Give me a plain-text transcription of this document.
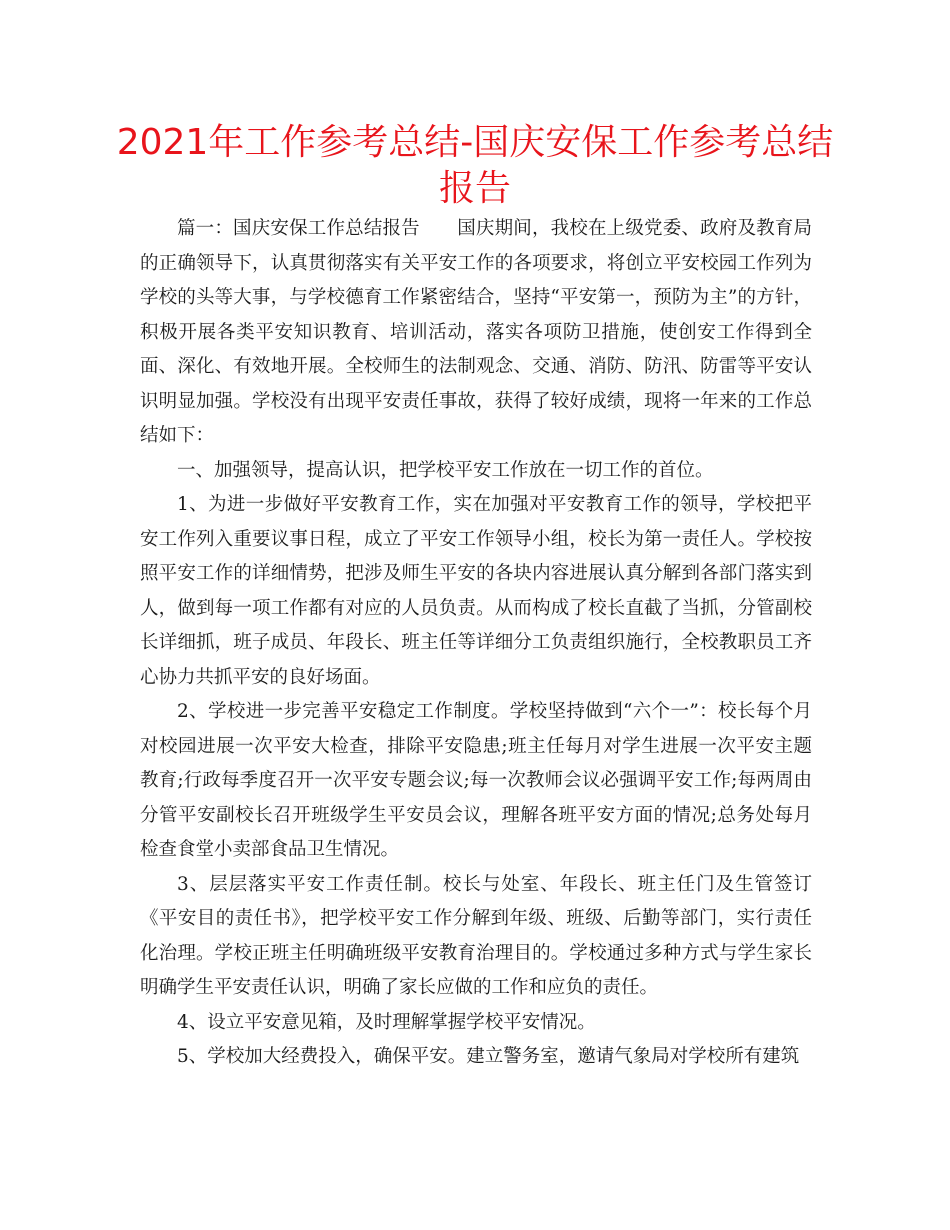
2021年工作参考总结-国庆安保工作参考总结报告

篇一：国庆安保工作总结报告　　国庆期间，我校在上级党委、政府及教育局的正确领导下，认真贯彻落实有关平安工作的各项要求，将创立平安校园工作列为学校的头等大事，与学校德育工作紧密结合，坚持“平安第一，预防为主”的方针，积极开展各类平安知识教育、培训活动，落实各项防卫措施，使创安工作得到全面、深化、有效地开展。全校师生的法制观念、交通、消防、防汛、防雷等平安认识明显加强。学校没有出现平安责任事故，获得了较好成绩，现将一年来的工作总结如下：

一、加强领导，提高认识，把学校平安工作放在一切工作的首位。

1、为进一步做好平安教育工作，实在加强对平安教育工作的领导，学校把平安工作列入重要议事日程，成立了平安工作领导小组，校长为第一责任人。学校按照平安工作的详细情势，把涉及师生平安的各块内容进展认真分解到各部门落实到人，做到每一项工作都有对应的人员负责。从而构成了校长直截了当抓，分管副校长详细抓，班子成员、年段长、班主任等详细分工负责组织施行，全校教职员工齐心协力共抓平安的良好场面。

2、学校进一步完善平安稳定工作制度。学校坚持做到“六个一”：校长每个月对校园进展一次平安大检查，排除平安隐患;班主任每月对学生进展一次平安主题教育;行政每季度召开一次平安专题会议;每一次教师会议必强调平安工作;每两周由分管平安副校长召开班级学生平安员会议，理解各班平安方面的情况;总务处每月检查食堂小卖部食品卫生情况。

3、层层落实平安工作责任制。校长与处室、年段长、班主任门及生管签订《平安目的责任书》，把学校平安工作分解到年级、班级、后勤等部门，实行责任化治理。学校正班主任明确班级平安教育治理目的。学校通过多种方式与学生家长明确学生平安责任认识，明确了家长应做的工作和应负的责任。

4、设立平安意见箱，及时理解掌握学校平安情况。

5、学校加大经费投入，确保平安。建立警务室，邀请气象局对学校所有建筑
